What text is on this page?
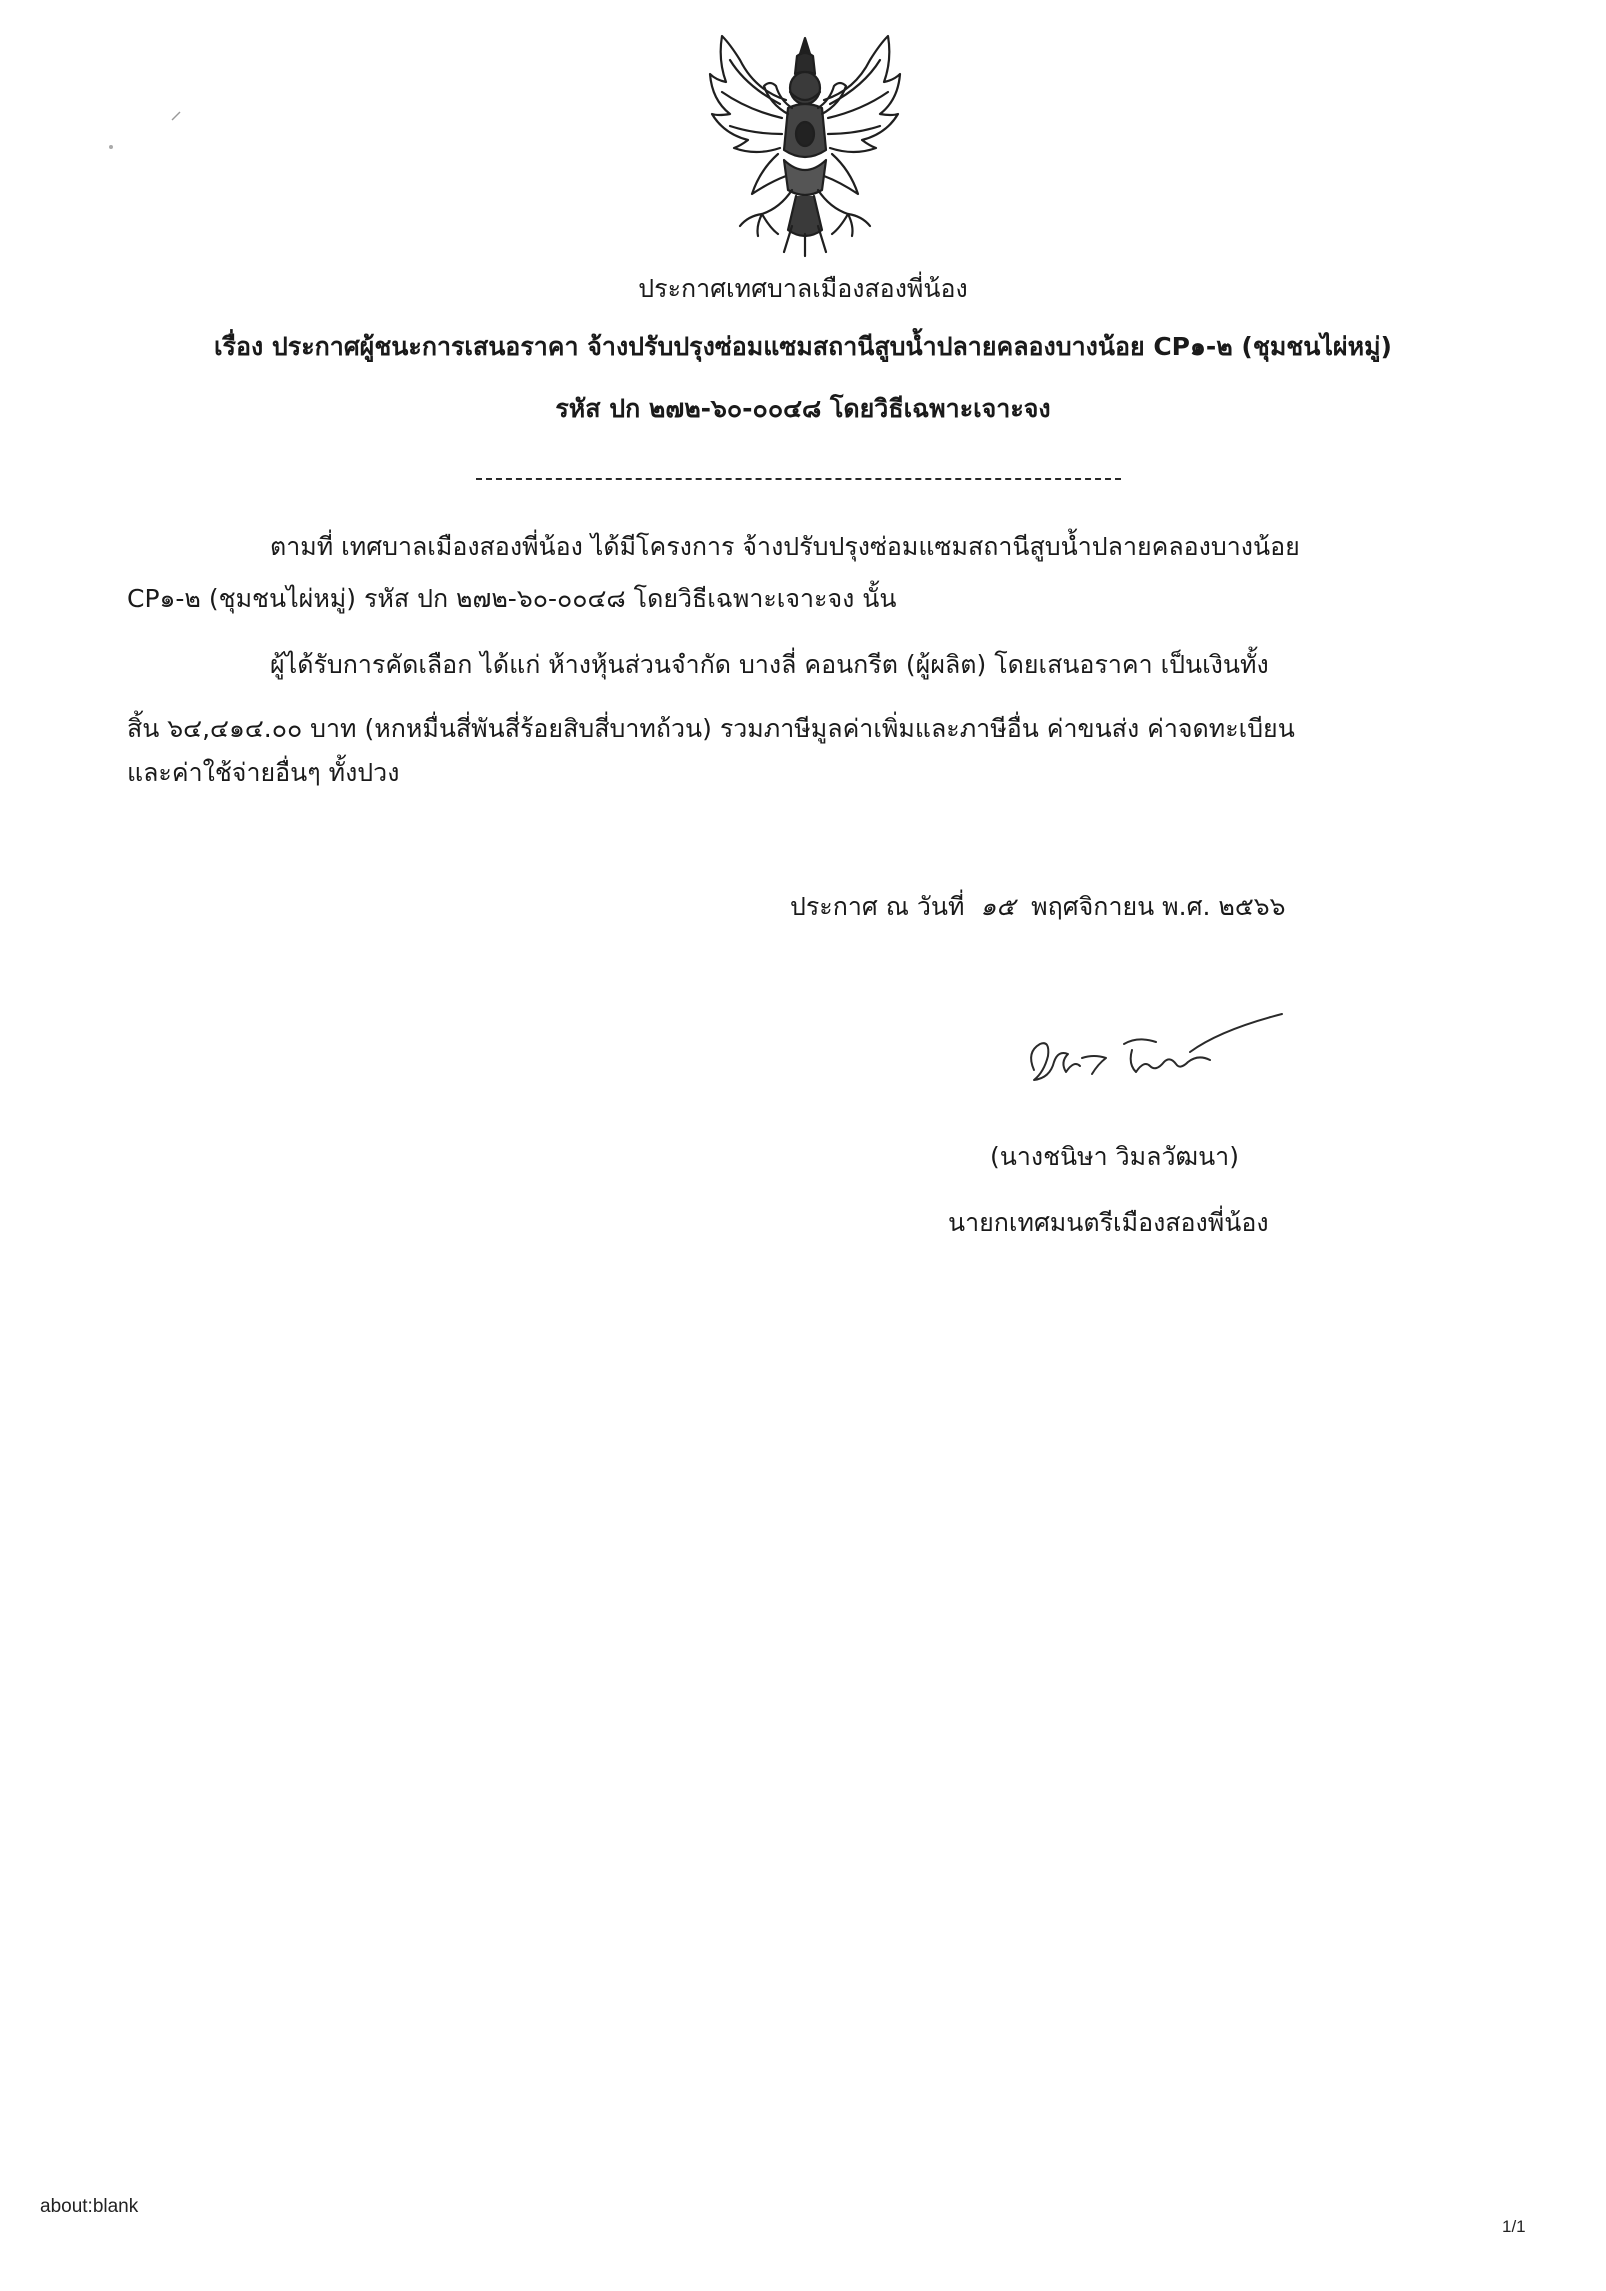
ประกาศเทศบาลเมืองสองพี่น้อง
เรื่อง ประกาศผู้ชนะการเสนอราคา จ้างปรับปรุงซ่อมแซมสถานีสูบน้ำปลายคลองบางน้อย CP๑-๒ (ชุมชนไผ่หมู่)
รหัส ปก ๒๗๒-๖๐-๐๐๔๘ โดยวิธีเฉพาะเจาะจง
ตามที่ เทศบาลเมืองสองพี่น้อง ได้มีโครงการ จ้างปรับปรุงซ่อมแซมสถานีสูบน้ำปลายคลองบางน้อย
CP๑-๒ (ชุมชนไผ่หมู่) รหัส ปก ๒๗๒-๖๐-๐๐๔๘ โดยวิธีเฉพาะเจาะจง นั้น
ผู้ได้รับการคัดเลือก ได้แก่ ห้างหุ้นส่วนจำกัด บางลี่ คอนกรีต (ผู้ผลิต) โดยเสนอราคา เป็นเงินทั้ง
สิ้น ๖๔,๔๑๔.๐๐ บาท (หกหมื่นสี่พันสี่ร้อยสิบสี่บาทถ้วน) รวมภาษีมูลค่าเพิ่มและภาษีอื่น ค่าขนส่ง ค่าจดทะเบียน
และค่าใช้จ่ายอื่นๆ ทั้งปวง
ประกาศ ณ วันที่ ๑๕ พฤศจิกายน พ.ศ. ๒๕๖๖
(นางชนิษา วิมลวัฒนา)
นายกเทศมนตรีเมืองสองพี่น้อง
about:blank
1/1
